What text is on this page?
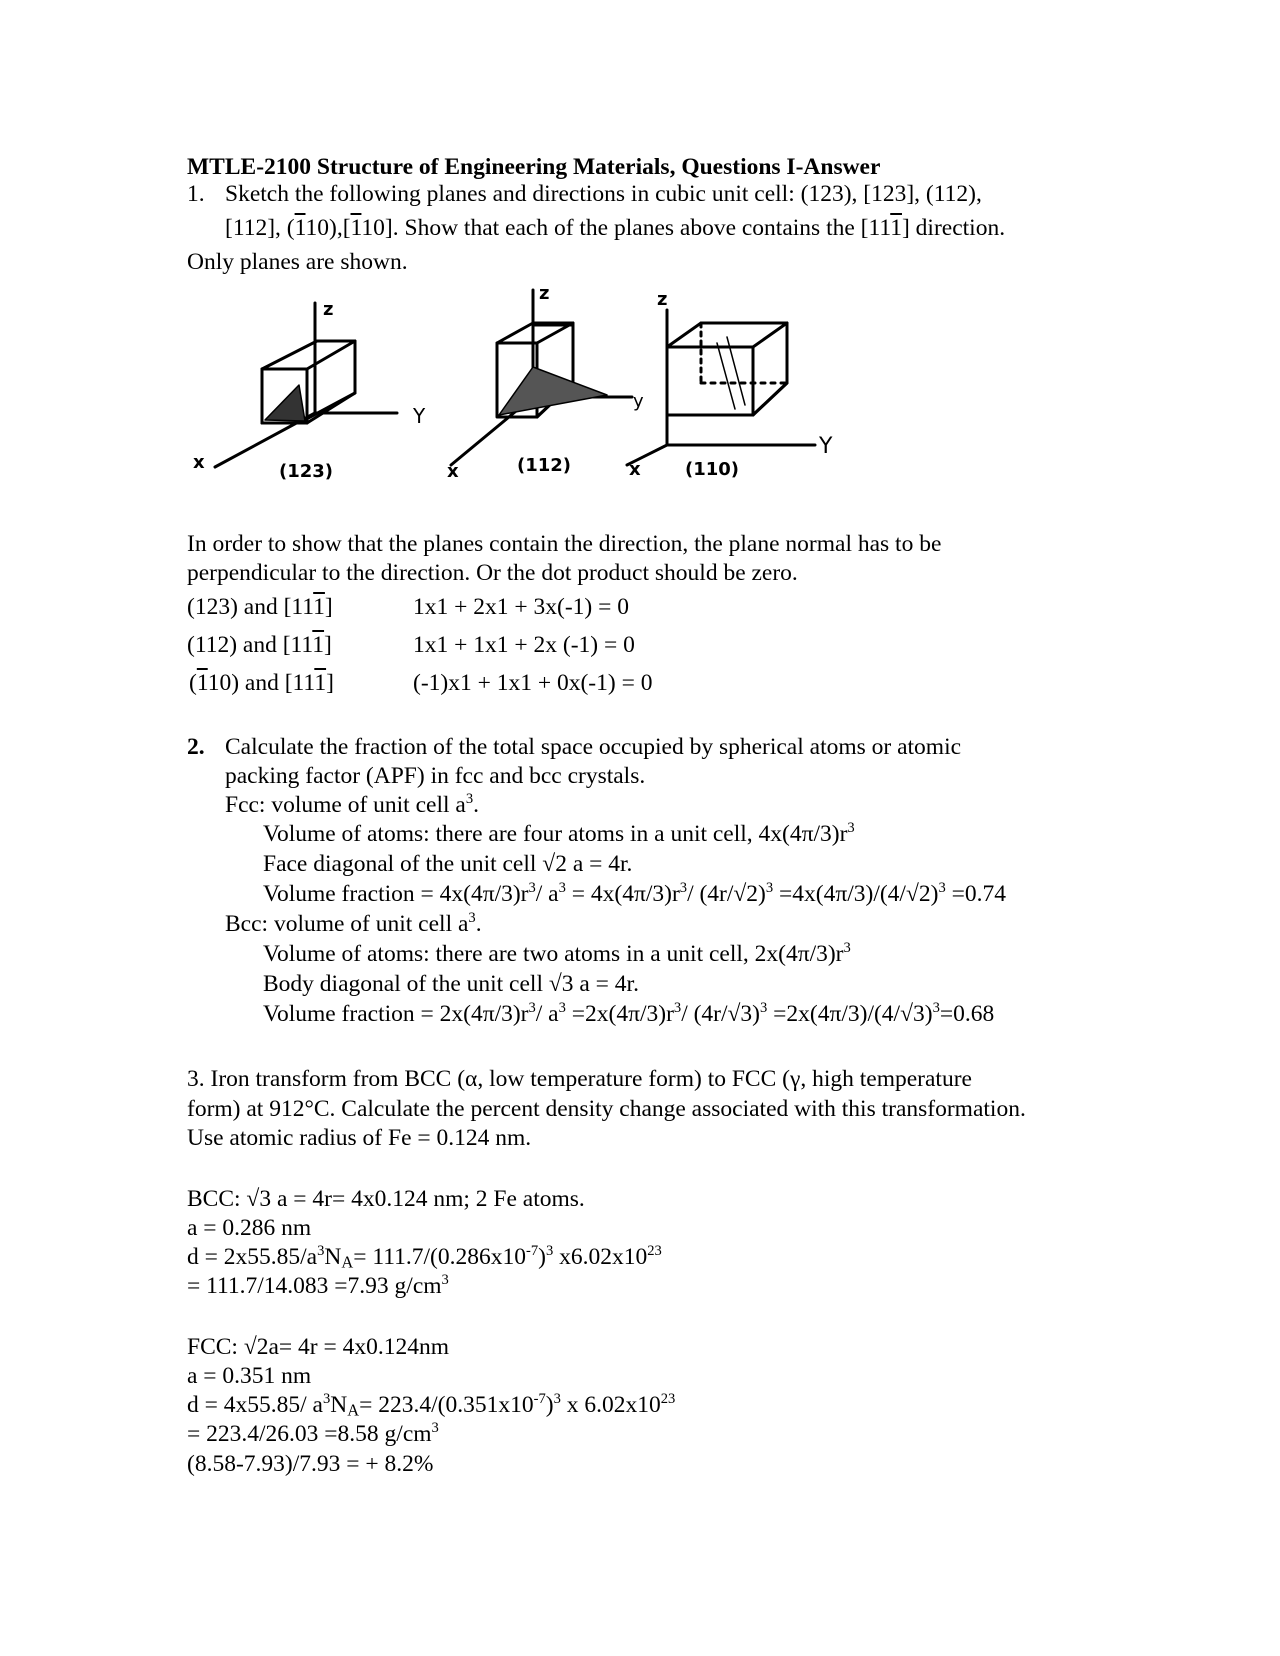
MTLE-2100 Structure of Engineering Materials, Questions I-Answer
1. Sketch the following planes and directions in cubic unit cell: (123), [123], (112),
[112], (110),[110]. Show that each of the planes above contains the [111] direction.
Only planes are shown.
z
Y
x	(123)
z
y
x	(112)
z
Y
x (110)
In order to show that the planes contain the direction, the plane normal has to be
perpendicular to the direction. Or the dot product should be zero.
(123) and [111]	1x1 + 2x1 + 3x(-1) = 0
(112) and [111]	1x1 + 1x1 + 2x (-1) = 0
(110) and [111]	(-1)x1 + 1x1 + 0x(-1) = 0
2. Calculate the fraction of the total space occupied by spherical atoms or atomic
packing factor (APF) in fcc and bcc crystals.
Fcc: volume of unit cell $a^3$.
Volume of atoms: there are four atoms in a unit cell, $4x(4\pi/3)r^3$
Face diagonal of the unit cell √2 a = 4r.
Volume fraction = $4x(4\pi/3)r^3/$ $a^3 = 4x(4\pi/3)r^3/$ $(4r/√2)^3 =4x(4\pi/3)/(4/√2)^3 =0.74$
Bcc: volume of unit cell $a^3$.
Volume of atoms: there are two atoms in a unit cell, $2x(4\pi/3)r^3$
Body diagonal of the unit cell √3 a = 4r.
Volume fraction = $2x(4\pi/3)r^3/$ $a^3 =2x(4\pi/3)r^3/$ $(4r/√3)^3 =2x(4\pi/3)/(4/√3)^3=0.68$
3. Iron transform from BCC (α, low temperature form) to FCC (γ, high temperature
form) at 912°C. Calculate the percent density change associated with this transformation.
Use atomic radius of Fe = 0.124 nm.
BCC: √3 a = 4r= 4x0.124 nm; 2 Fe atoms.
a = 0.286 nm
$d = 2x55.85/a^3N_A= 111.7/(0.286x10^{-7})^3$ $x6.02x10^{23}$
= 111.7/14.083 =7.93 $g/cm^3$
FCC: √2a= 4r = 4x0.124nm
a = 0.351 nm
d = 4x55.85/ $a^3N_A= 223.4/(0.351x10^{-7})^3$ x $6.02x10^{23}$
= 223.4/26.03 =8.58 $g/cm^3$
(8.58-7.93)/7.93 = + 8.2%
